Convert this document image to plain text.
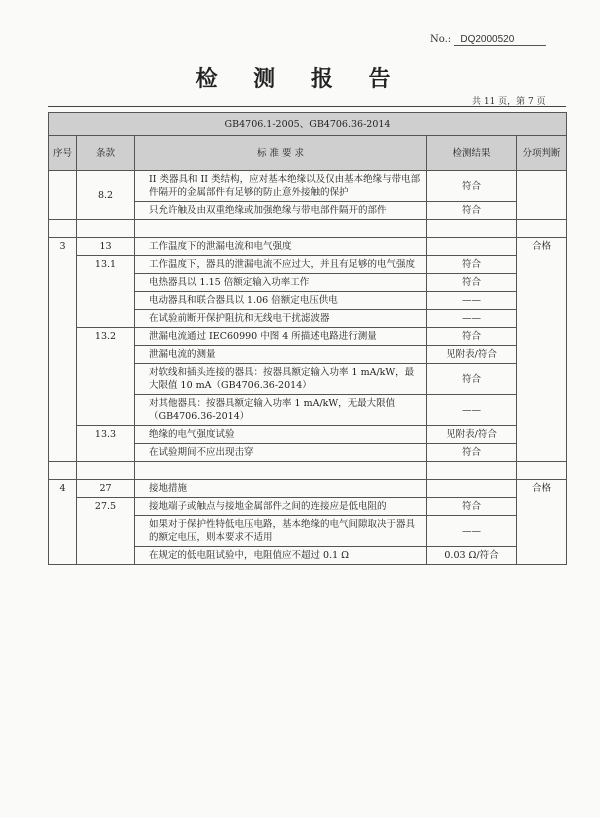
No.: DQ2000520
检 测 报 告
共 11 页，第 7 页
GB4706.1-2005、GB4706.36-2014				
序号	条款	标 准 要 求	检测结果	分项判断
	8.2	II 类器具和 II 类结构，应对基本绝缘以及仅由基本绝缘与带电部件隔开的金属部件有足够的防止意外接触的保护	符合	
		只允许触及由双重绝缘或加强绝缘与带电部件隔开的部件	符合	

3	13	工作温度下的泄漏电流和电气强度		合格
	13.1	工作温度下，器具的泄漏电流不应过大，并且有足够的电气强度	符合	
		电热器具以 1.15 倍额定输入功率工作	符合	
		电动器具和联合器具以 1.06 倍额定电压供电	——	
		在试验前断开保护阻抗和无线电干扰滤波器	——	
	13.2	泄漏电流通过 IEC60990 中图 4 所描述电路进行测量	符合	
		泄漏电流的测量	见附表/符合	
		对软线和插头连接的器具：按器具额定输入功率 1 mA/kW，最大限值 10 mA（GB4706.36-2014）	符合	
		对其他器具：按器具额定输入功率 1 mA/kW，无最大限值（GB4706.36-2014）	——	
	13.3	绝缘的电气强度试验	见附表/符合	
		在试验期间不应出现击穿	符合	

4	27	接地措施		合格
	27.5	接地端子或触点与接地金属部件之间的连接应是低电阻的	符合	
		如果对于保护性特低电压电路，基本绝缘的电气间隙取决于器具的额定电压，则本要求不适用	——	
		在规定的低电阻试验中，电阻值应不超过 0.1 Ω	0.03 Ω/符合	
